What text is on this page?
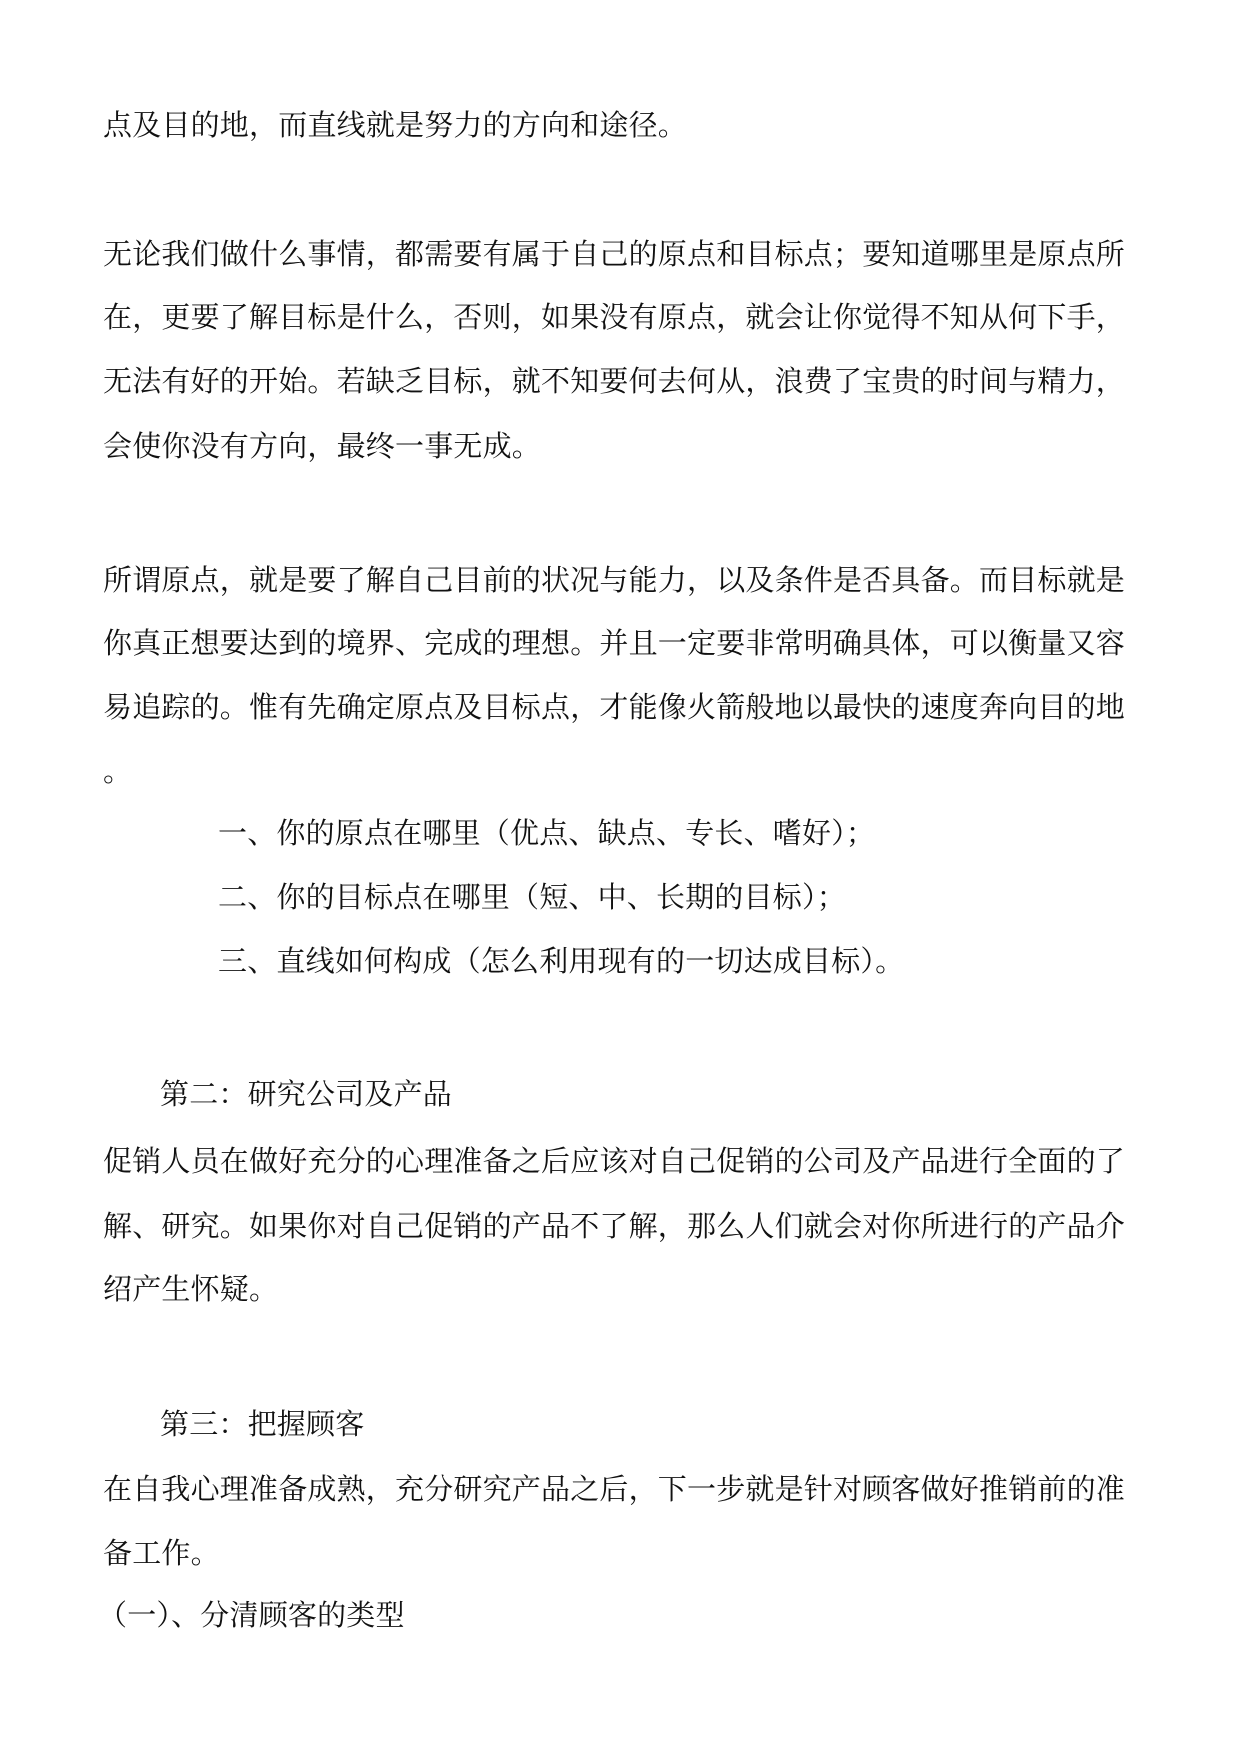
点及目的地，而直线就是努力的方向和途径。
无论我们做什么事情，都需要有属于自己的原点和目标点；要知道哪里是原点所
在，更要了解目标是什么，否则，如果没有原点，就会让你觉得不知从何下手，
无法有好的开始。若缺乏目标，就不知要何去何从，浪费了宝贵的时间与精力，
会使你没有方向，最终一事无成。
所谓原点，就是要了解自己目前的状况与能力，以及条件是否具备。而目标就是
你真正想要达到的境界、完成的理想。并且一定要非常明确具体，可以衡量又容
易追踪的。惟有先确定原点及目标点，才能像火箭般地以最快的速度奔向目的地
。
一、你的原点在哪里（优点、缺点、专长、嗜好）；
二、你的目标点在哪里（短、中、长期的目标）；
三、直线如何构成（怎么利用现有的一切达成目标）。
第二：研究公司及产品
促销人员在做好充分的心理准备之后应该对自己促销的公司及产品进行全面的了
解、研究。如果你对自己促销的产品不了解，那么人们就会对你所进行的产品介
绍产生怀疑。
第三：把握顾客
在自我心理准备成熟，充分研究产品之后，下一步就是针对顾客做好推销前的准
备工作。
（一）、分清顾客的类型
